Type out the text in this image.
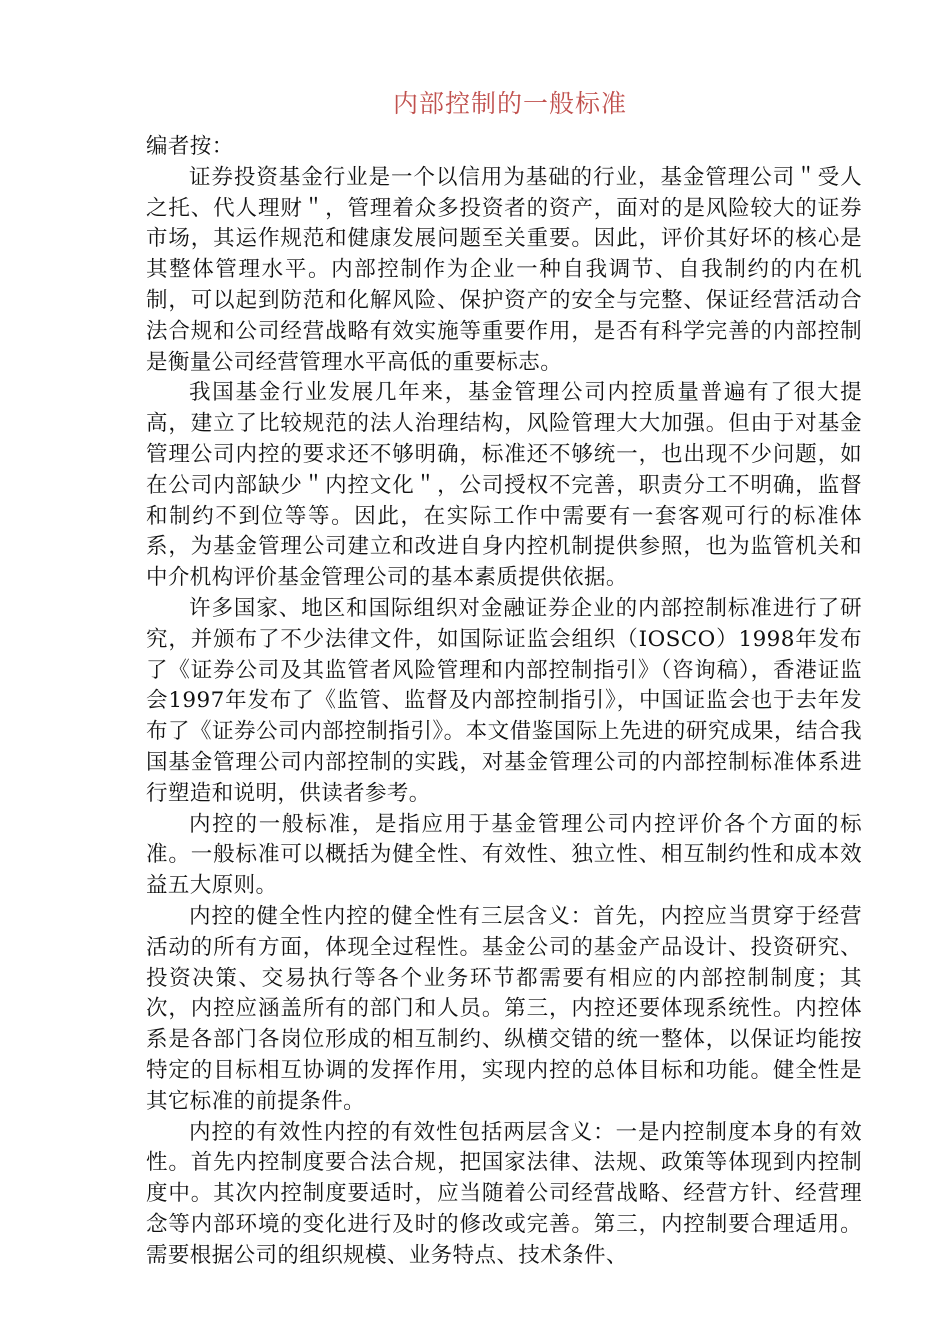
内部控制的一般标准

编者按：

证券投资基金行业是一个以信用为基础的行业，基金管理公司＂受人之托、代人理财＂，管理着众多投资者的资产，面对的是风险较大的证券市场，其运作规范和健康发展问题至关重要。因此，评价其好坏的核心是其整体管理水平。内部控制作为企业一种自我调节、自我制约的内在机制，可以起到防范和化解风险、保护资产的安全与完整、保证经营活动合法合规和公司经营战略有效实施等重要作用，是否有科学完善的内部控制是衡量公司经营管理水平高低的重要标志。

我国基金行业发展几年来，基金管理公司内控质量普遍有了很大提高，建立了比较规范的法人治理结构，风险管理大大加强。但由于对基金管理公司内控的要求还不够明确，标准还不够统一，也出现不少问题，如在公司内部缺少＂内控文化＂，公司授权不完善，职责分工不明确，监督和制约不到位等等。因此，在实际工作中需要有一套客观可行的标准体系，为基金管理公司建立和改进自身内控机制提供参照，也为监管机关和中介机构评价基金管理公司的基本素质提供依据。

许多国家、地区和国际组织对金融证券企业的内部控制标准进行了研究，并颁布了不少法律文件，如国际证监会组织（IOSCO）1998年发布了《证券公司及其监管者风险管理和内部控制指引》（咨询稿），香港证监会1997年发布了《监管、监督及内部控制指引》，中国证监会也于去年发布了《证券公司内部控制指引》。本文借鉴国际上先进的研究成果，结合我国基金管理公司内部控制的实践，对基金管理公司的内部控制标准体系进行塑造和说明，供读者参考。

内控的一般标准，是指应用于基金管理公司内控评价各个方面的标准。一般标准可以概括为健全性、有效性、独立性、相互制约性和成本效益五大原则。

内控的健全性内控的健全性有三层含义：首先，内控应当贯穿于经营活动的所有方面，体现全过程性。基金公司的基金产品设计、投资研究、投资决策、交易执行等各个业务环节都需要有相应的内部控制制度；其次，内控应涵盖所有的部门和人员。第三，内控还要体现系统性。内控体系是各部门各岗位形成的相互制约、纵横交错的统一整体，以保证均能按特定的目标相互协调的发挥作用，实现内控的总体目标和功能。健全性是其它标准的前提条件。

内控的有效性内控的有效性包括两层含义：一是内控制度本身的有效性。首先内控制度要合法合规，把国家法律、法规、政策等体现到内控制度中。其次内控制度要适时，应当随着公司经营战略、经营方针、经营理念等内部环境的变化进行及时的修改或完善。第三，内控制要合理适用。需要根据公司的组织规模、业务特点、技术条件、
